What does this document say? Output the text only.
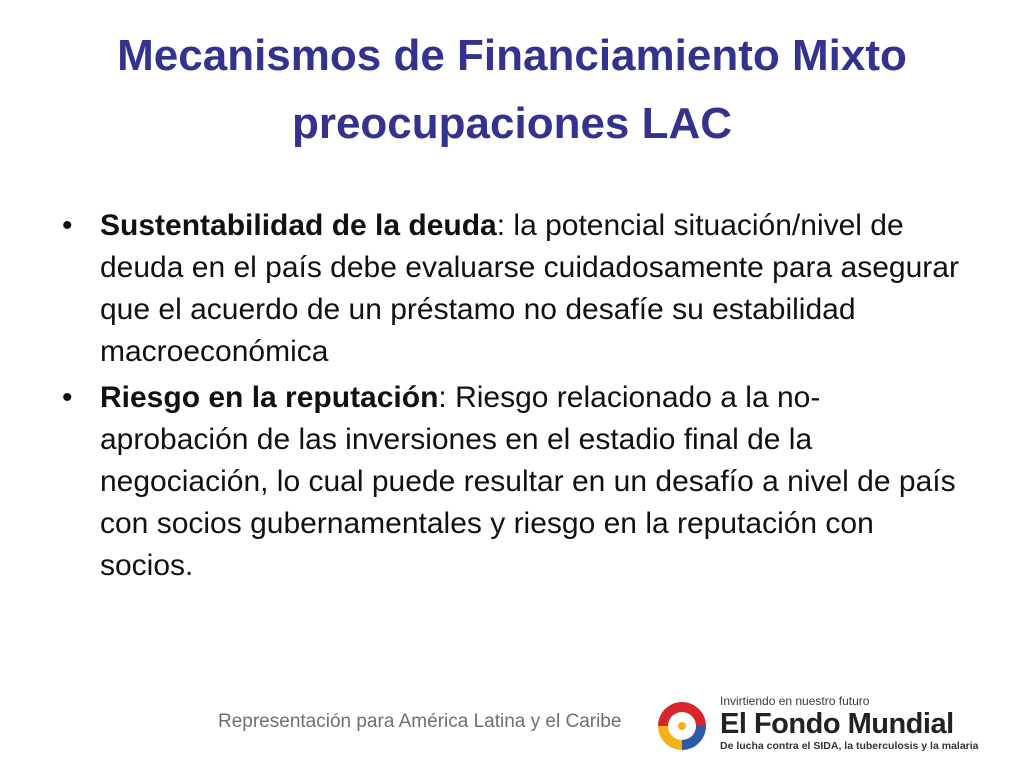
Mecanismos de Financiamiento Mixto
preocupaciones LAC
• Sustentabilidad de la deuda: la potencial situación/nivel de deuda en el país debe evaluarse cuidadosamente para asegurar que el acuerdo de un préstamo no desafíe su estabilidad macroeconómica
• Riesgo en la reputación: Riesgo relacionado a la no-aprobación de las inversiones en el estadio final de la negociación, lo cual puede resultar en un desafío a nivel de país con socios gubernamentales y riesgo en la reputación con socios.
Representación para América Latina y el Caribe
Invirtiendo en nuestro futuro
El Fondo Mundial
De lucha contra el SIDA, la tuberculosis y la malaria
